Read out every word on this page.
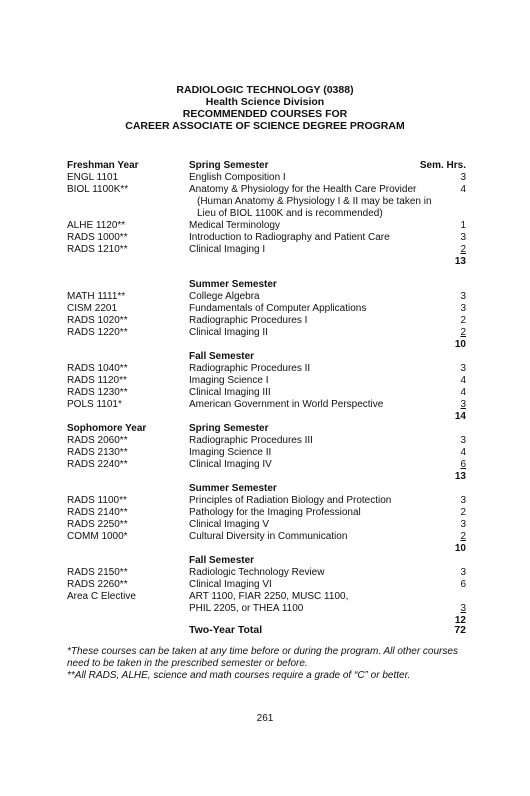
RADIOLOGIC TECHNOLOGY (0388)
Health Science Division
RECOMMENDED COURSES FOR
CAREER ASSOCIATE OF SCIENCE DEGREE PROGRAM
Freshman Year	Spring Semester	Sem. Hrs.
ENGL 1101	English Composition I	3
BIOL 1100K**	Anatomy & Physiology for the Health Care Provider	4
(Human Anatomy & Physiology I & II may be taken in
Lieu of BIOL 1100K and is recommended)
ALHE 1120**	Medical Terminology	1
RADS 1000**	Introduction to Radiography and Patient Care	3
RADS 1210**	Clinical Imaging I	2
13
Summer Semester
MATH 1111**	College Algebra	3
CISM 2201	Fundamentals of Computer Applications	3
RADS 1020**	Radiographic Procedures I	2
RADS 1220**	Clinical Imaging II	2
10
Fall Semester
RADS 1040**	Radiographic Procedures II	3
RADS 1120**	Imaging Science I	4
RADS 1230**	Clinical Imaging III	4
POLS 1101*	American Government in World Perspective	3
14
Sophomore Year	Spring Semester
RADS 2060**	Radiographic Procedures III	3
RADS 2130**	Imaging Science II	4
RADS 2240**	Clinical Imaging IV	6
13
Summer Semester
RADS 1100**	Principles of Radiation Biology and Protection	3
RADS 2140**	Pathology for the Imaging Professional	2
RADS 2250**	Clinical Imaging V	3
COMM 1000*	Cultural Diversity in Communication	2
10
Fall Semester
RADS 2150**	Radiologic Technology Review	3
RADS 2260**	Clinical Imaging VI	6
Area C Elective	ART 1100, FIAR 2250, MUSC 1100,
PHIL 2205, or THEA 1100	3
12
Two-Year Total	72
*These courses can be taken at any time before or during the program. All other courses need to be taken in the prescribed semester or before.
**All RADS, ALHE, science and math courses require a grade of “C” or better.
261
